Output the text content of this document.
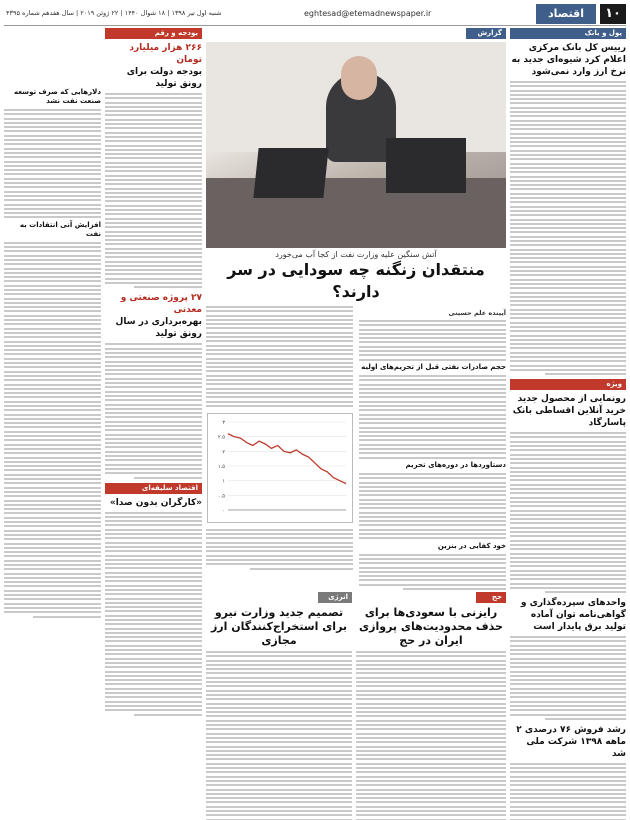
۱۰
اقتصاد
eghtesad@etemadnewspaper.ir
شنبه اول تیر ۱۳۹۸ | ۱۸ شوال ۱۴۴۰ | ۲۲ ژوئن ۲۰۱۹ | سال هفدهم شماره ۴۳۹۵
پول و بانک
رییس کل بانک مرکزی اعلام کرد شیوه‌ای جدید به نرخ ارز وارد نمی‌شود
ویژه
رونمایی از محصول جدید خرید آنلاین اقساطی بانک پاسارگاد
واحدهای سپرده‌گذاری و گواهی‌نامه توان آماده تولید برق پایدار است
رشد فروش ۷۶ درصدی ۲ ماهه ۱۳۹۸ شرکت ملی شد
گزارش
آتش سنگین علیه وزارت نفت از کجا آب می‌خورد
منتقدان زنگنه چه سودایی در سر دارند؟
آیینده علم حسینی
حجم صادرات نفتی قبل از تحریم‌های اولیه
دستاوردها در دوره‌های تحریم
خود کفایی در بنزین
۳
۲.۵
۲
۱.۵
۱
۰.۵
۰
بودجه و رقم
۲۶۶ هزار میلیارد تومان
بودجه دولت برای رونق تولید
۲۷ پروژه صنعتی و معدنی
بهره‌برداری در سال رونق تولید
اقتصاد سلیقه‌ای
«کارگران بدون صدا»
دلارهایی که صرف توسعه صنعت نفت نشد
افزایش آنی انتقادات به نفت
حج
رایزنی با سعودی‌ها برای حذف محدودیت‌های پروازی ایران در حج
انرژی
تصمیم جدید وزارت نیرو برای استخراج‌کنندگان ارز مجازی
